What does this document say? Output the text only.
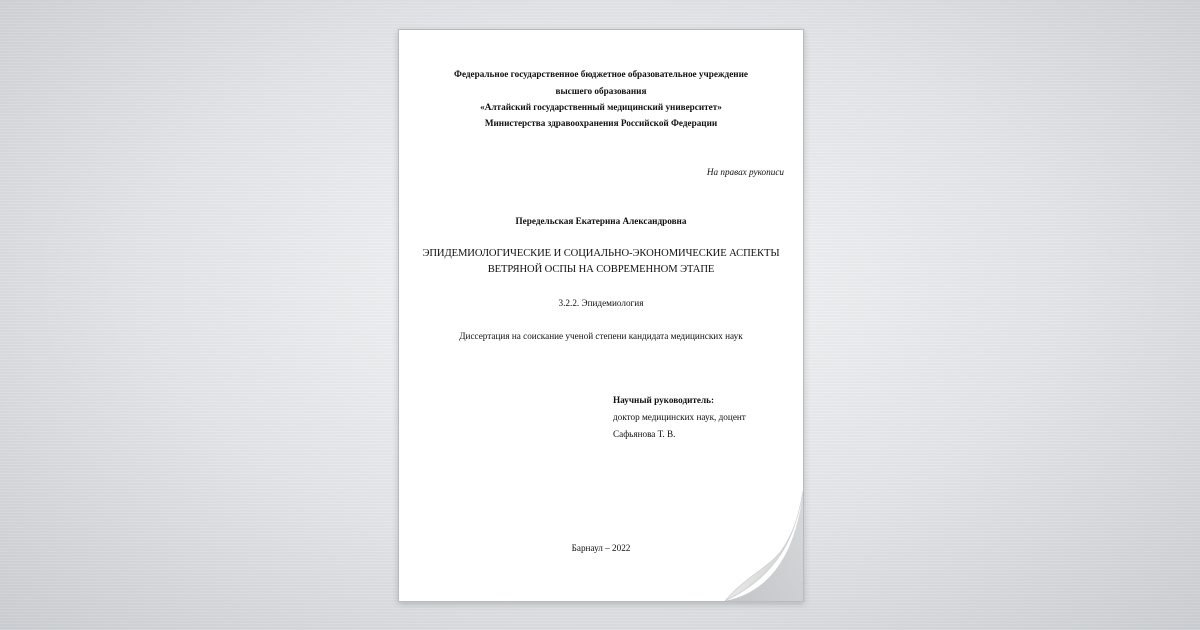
Федеральное государственное бюджетное образовательное учреждение
высшего образования
«Алтайский государственный медицинский университет»
Министерства здравоохранения Российской Федерации
На правах рукописи
Передельская Екатерина Александровна
ЭПИДЕМИОЛОГИЧЕСКИЕ И СОЦИАЛЬНО-ЭКОНОМИЧЕСКИЕ АСПЕКТЫ
ВЕТРЯНОЙ ОСПЫ НА СОВРЕМЕННОМ ЭТАПЕ
3.2.2. Эпидемиология
Диссертация на соискание ученой степени кандидата медицинских наук
Научный руководитель:
доктор медицинских наук, доцент
Сафьянова Т. В.
Барнаул – 2022
